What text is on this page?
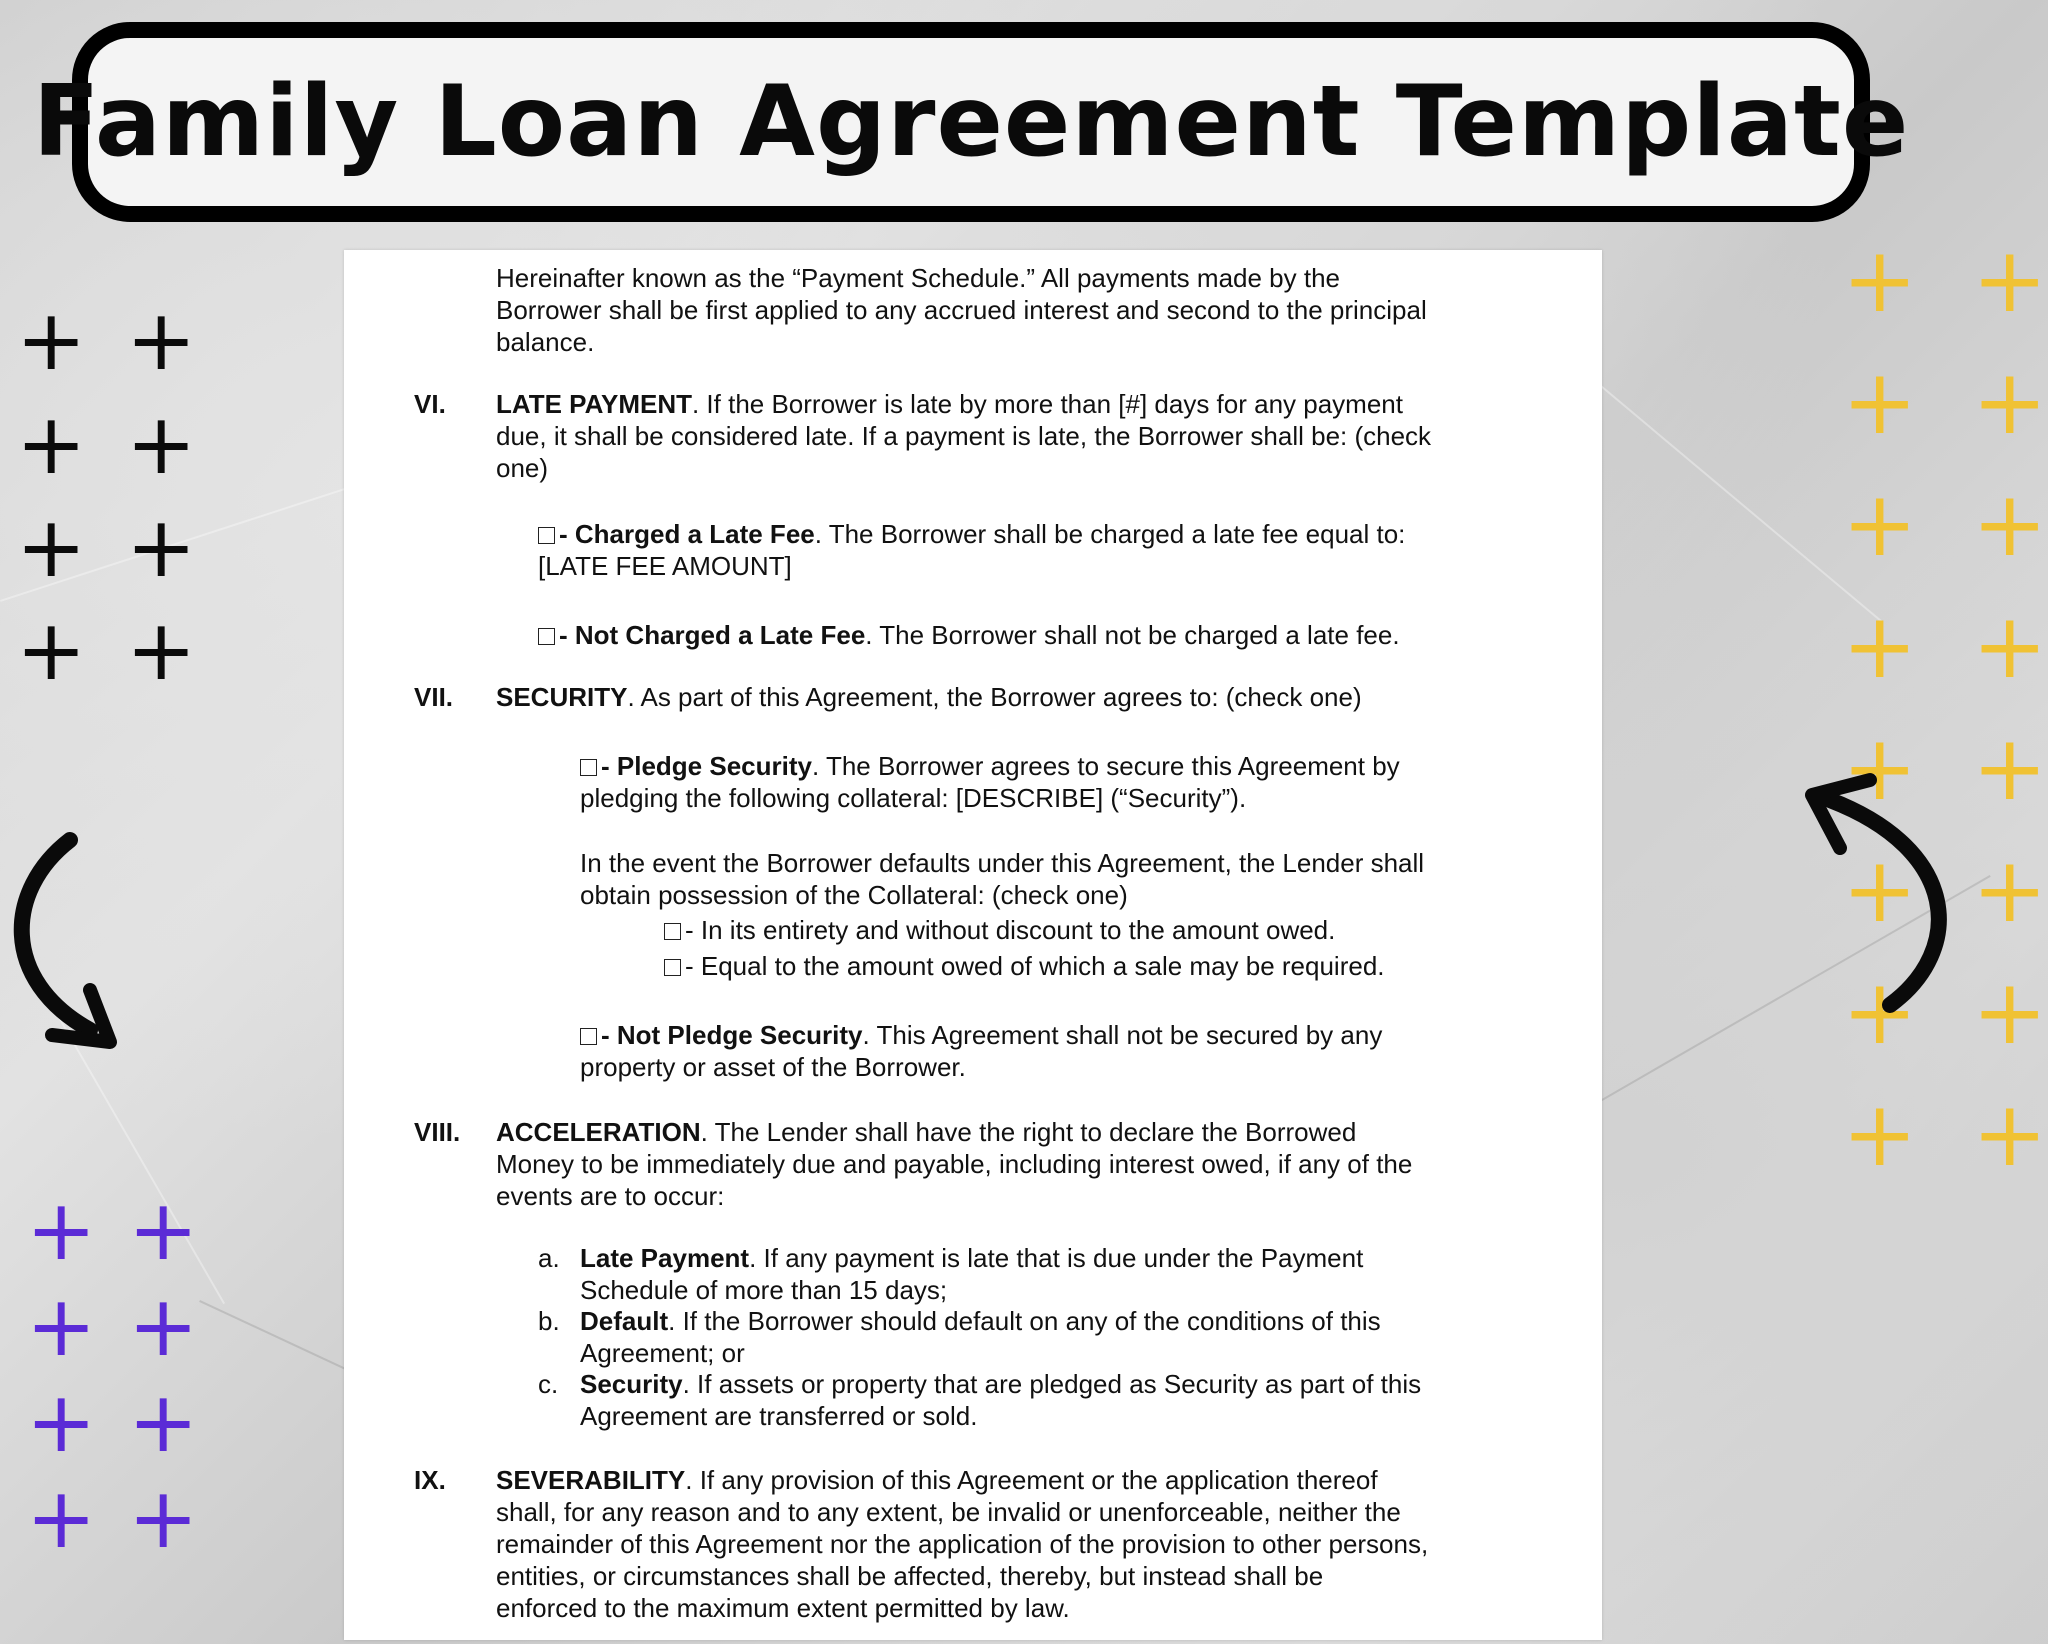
Family Loan Agreement Template
+ +
+ +
+ +
+ +
+ +
+ +
+ +
+ +
+ +
+ +
+ +
+ +
+ +
+ +
+ +
+ +
Hereinafter known as the “Payment Schedule.” All payments made by the
Borrower shall be first applied to any accrued interest and second to the principal
balance.
VI. LATE PAYMENT. If the Borrower is late by more than [#] days for any payment
due, it shall be considered late. If a payment is late, the Borrower shall be: (check
one)
- Charged a Late Fee. The Borrower shall be charged a late fee equal to:
[LATE FEE AMOUNT]
- Not Charged a Late Fee. The Borrower shall not be charged a late fee.
VII. SECURITY. As part of this Agreement, the Borrower agrees to: (check one)
- Pledge Security. The Borrower agrees to secure this Agreement by
pledging the following collateral: [DESCRIBE] (“Security”).
In the event the Borrower defaults under this Agreement, the Lender shall
obtain possession of the Collateral: (check one)
- In its entirety and without discount to the amount owed.
- Equal to the amount owed of which a sale may be required.
- Not Pledge Security. This Agreement shall not be secured by any
property or asset of the Borrower.
VIII. ACCELERATION. The Lender shall have the right to declare the Borrowed
Money to be immediately due and payable, including interest owed, if any of the
events are to occur:
a. Late Payment. If any payment is late that is due under the Payment
Schedule of more than 15 days;
b. Default. If the Borrower should default on any of the conditions of this
Agreement; or
c. Security. If assets or property that are pledged as Security as part of this
Agreement are transferred or sold.
IX. SEVERABILITY. If any provision of this Agreement or the application thereof
shall, for any reason and to any extent, be invalid or unenforceable, neither the
remainder of this Agreement nor the application of the provision to other persons,
entities, or circumstances shall be affected, thereby, but instead shall be
enforced to the maximum extent permitted by law.
